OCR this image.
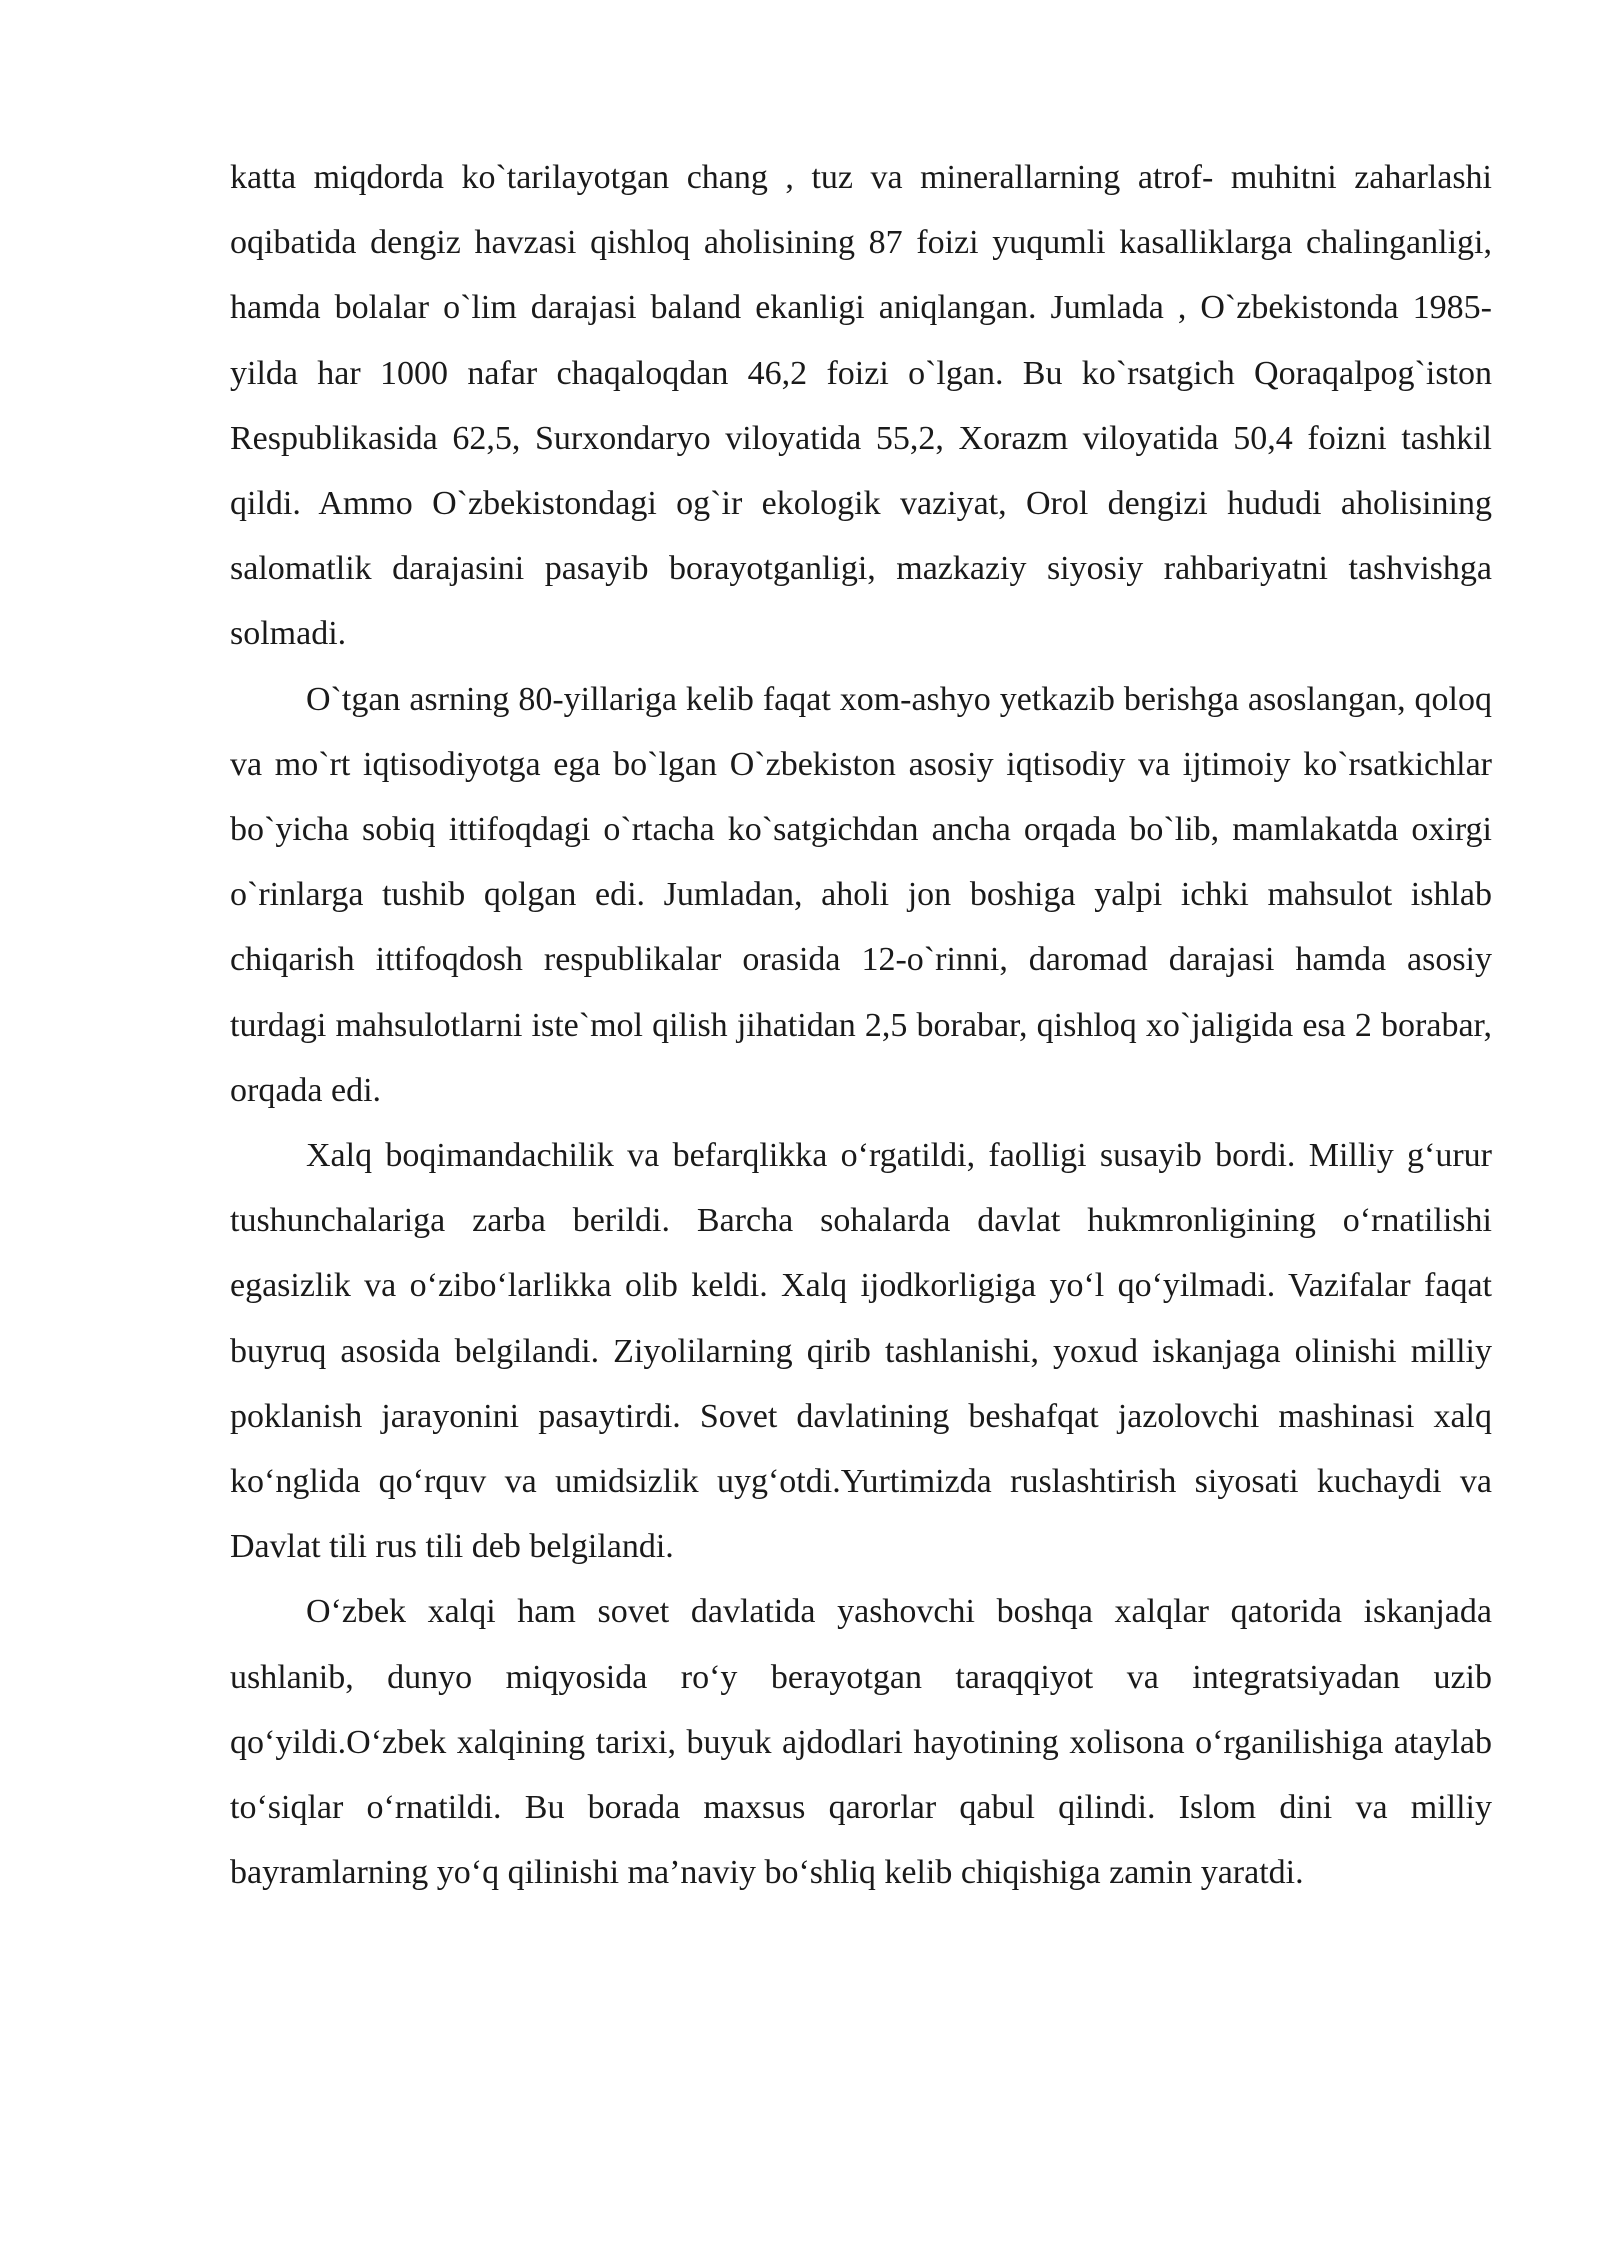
katta miqdorda ko`tarilayotgan chang , tuz va minerallarning atrof- muhitni zaharlashi oqibatida dengiz havzasi qishloq aholisining 87 foizi yuqumli kasalliklarga chalinganligi, hamda bolalar o`lim darajasi baland ekanligi aniqlangan. Jumlada , O`zbekistonda 1985-yilda har 1000 nafar chaqaloqdan 46,2 foizi o`lgan. Bu ko`rsatgich Qoraqalpog`iston Respublikasida 62,5, Surxondaryo viloyatida 55,2, Xorazm viloyatida 50,4 foizni tashkil qildi. Ammo O`zbekistondagi og`ir ekologik vaziyat, Orol dengizi hududi aholisining salomatlik darajasini pasayib borayotganligi, mazkaziy siyosiy rahbariyatni tashvishga solmadi.

O`tgan asrning 80-yillariga kelib faqat xom-ashyo yetkazib berishga asoslangan, qoloq va mo`rt iqtisodiyotga ega bo`lgan O`zbekiston asosiy iqtisodiy va ijtimoiy ko`rsatkichlar bo`yicha sobiq ittifoqdagi o`rtacha ko`satgichdan ancha orqada bo`lib, mamlakatda oxirgi o`rinlarga tushib qolgan edi. Jumladan, aholi jon boshiga yalpi ichki mahsulot ishlab chiqarish ittifoqdosh respublikalar orasida 12-o`rinni, daromad darajasi hamda asosiy turdagi mahsulotlarni iste`mol qilish jihatidan 2,5 borabar, qishloq xo`jaligida esa 2 borabar, orqada edi.

Xalq boqimandachilik va befarqlikka o‘rgatildi, faolligi susayib bordi. Milliy g‘urur tushunchalariga zarba berildi. Barcha sohalarda davlat hukmronligining o‘rnatilishi egasizlik va o‘zibo‘larlikka olib keldi. Xalq ijodkorligiga yo‘l qo‘yilmadi. Vazifalar faqat buyruq asosida belgilandi. Ziyolilarning qirib tashlanishi, yoxud iskanjaga olinishi milliy poklanish jarayonini pasaytirdi. Sovet davlatining beshafqat jazolovchi mashinasi xalq ko‘nglida qo‘rquv va umidsizlik uyg‘otdi.Yurtimizda ruslashtirish siyosati kuchaydi va Davlat tili rus tili deb belgilandi.

O‘zbek xalqi ham sovet davlatida yashovchi boshqa xalqlar qatorida iskanjada ushlanib, dunyo miqyosida ro‘y berayotgan taraqqiyot va integratsiyadan uzib qo‘yildi.O‘zbek xalqining tarixi, buyuk ajdodlari hayotining xolisona o‘rganilishiga ataylab to‘siqlar o‘rnatildi. Bu borada maxsus qarorlar qabul qilindi. Islom dini va milliy bayramlarning yo‘q qilinishi ma’naviy bo‘shliq kelib chiqishiga zamin yaratdi.
